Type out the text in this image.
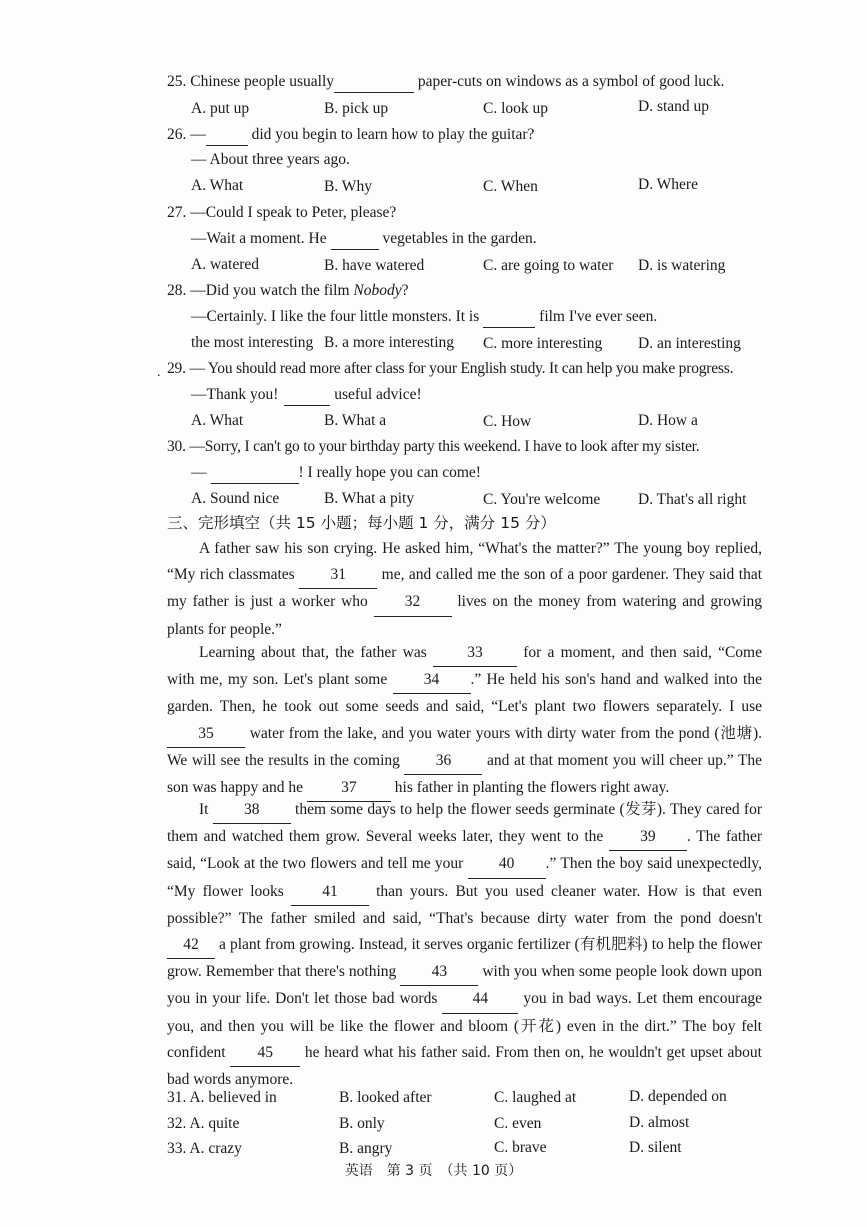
25. Chinese people usually	paper-cuts on windows as a symbol of good luck.
A. put up	B. pick up	C. look up	D. stand up
26. —	did you begin to learn how to play the guitar?
— About three years ago.
A. What	B. Why	C. When	D. Where
27. —Could I speak to Peter, please?
—Wait a moment. He	vegetables in the garden.
A. watered	B. have watered	C. are going to water D. is watering
28. —Did you watch the film Nobody?
—Certainly. I like the four little monsters. It is	film I've ever seen.
the most interesting B. a more interesting C. more interesting D. an interesting
. 29. — You should read more after class for your English study. It can help you make progress.
—Thank you!	useful advice!
A. What	B. What a	C. How	D. How a
30. —Sorry, I can't go to your birthday party this weekend. I have to look after my sister.
—	! I really hope you can come!
A. Sound nice	B. What a pity	C. You're welcome D. That's all right
三、完形填空（共 15 小题；每小题 1 分，满分 15 分）
A father saw his son crying. He asked him, “What's the matter?” The young boy replied, “My rich classmates 31 me, and called me the son of a poor gardener. They said that my father is just a worker who 32 lives on the money from watering and growing plants for people.”
Learning about that, the father was 33 for a moment, and then said, “Come with me, my son. Let's plant some 34 .” He held his son's hand and walked into the garden. Then, he took out some seeds and said, “Let's plant two flowers separately. I use 35 water from the lake, and you water yours with dirty water from the pond (池塘). We will see the results in the coming 36 and at that moment you will cheer up.” The son was happy and he 37 his father in planting the flowers right away.
It 38 them some days to help the flower seeds germinate (发芽). They cared for them and watched them grow. Several weeks later, they went to the 39 . The father said, “Look at the two flowers and tell me your 40 .” Then the boy said unexpectedly, “My flower looks 41 than yours. But you used cleaner water. How is that even possible?” The father smiled and said, “That's because dirty water from the pond doesn't 42 a plant from growing. Instead, it serves organic fertilizer (有机肥料) to help the flower grow. Remember that there's nothing 43 with you when some people look down upon you in your life. Don't let those bad words 44 you in bad ways. Let them encourage you, and then you will be like the flower and bloom (开花) even in the dirt.” The boy felt confident 45 he heard what his father said. From then on, he wouldn't get upset about bad words anymore.
31. A. believed in	B. looked after	C. laughed at	D. depended on
32. A. quite	B. only	C. even	D. almost
33. A. crazy	B. angry	C. brave	D. silent
英语　第 3 页　（共 10 页）
